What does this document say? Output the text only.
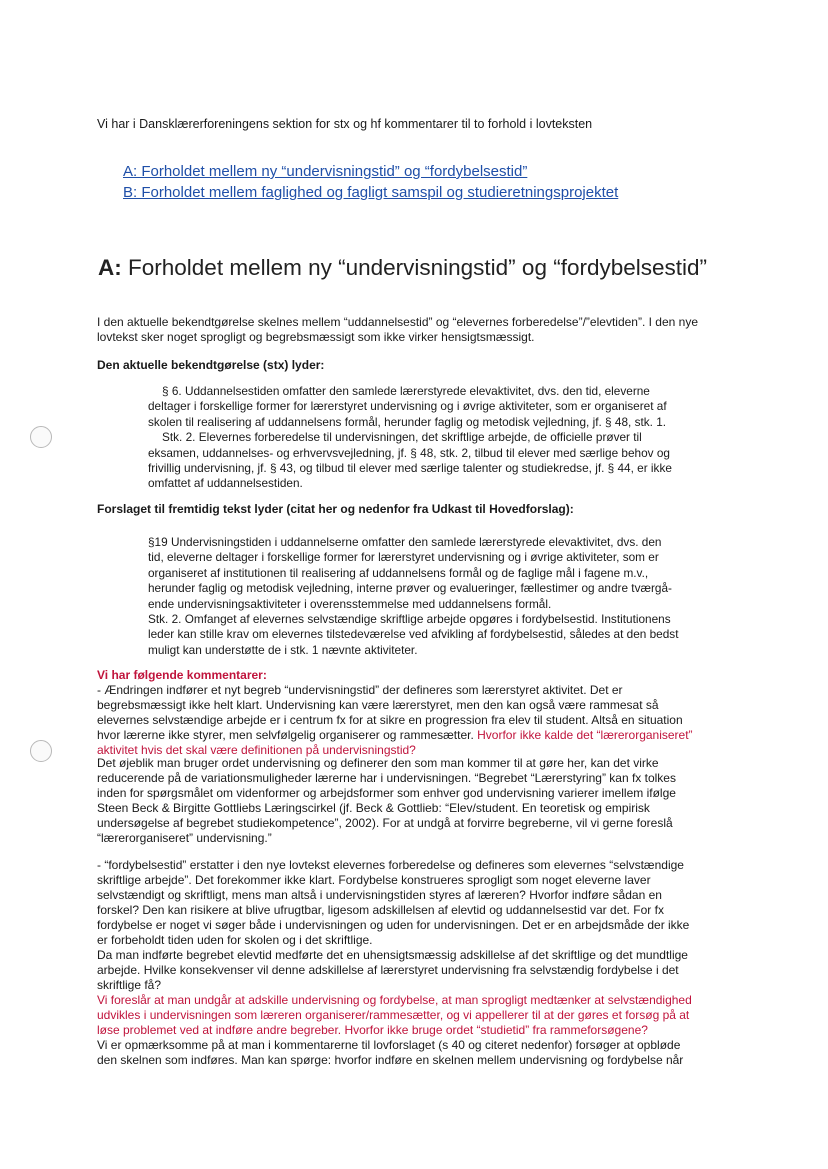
Vi har i Dansklærerforeningens sektion for stx og hf kommentarer til to forhold i lovteksten
A: Forholdet mellem ny “undervisningstid” og “fordybelsestid”
B: Forholdet mellem faglighed og fagligt samspil og studieretningsprojektet
A: Forholdet mellem ny “undervisningstid” og “fordybelsestid”
I den aktuelle bekendtgørelse skelnes mellem “uddannelsestid” og “elevernes forberedelse”/”elevtiden”. I den nye
lovtekst sker noget sprogligt og begrebsmæssigt som ikke virker hensigtsmæssigt.
Den aktuelle bekendtgørelse (stx) lyder:
§ 6. Uddannelsestiden omfatter den samlede lærerstyrede elevaktivitet, dvs. den tid, eleverne
deltager i forskellige former for lærerstyret undervisning og i øvrige aktiviteter, som er organiseret af
skolen til realisering af uddannelsens formål, herunder faglig og metodisk vejledning, jf. § 48, stk. 1.
Stk. 2. Elevernes forberedelse til undervisningen, det skriftlige arbejde, de officielle prøver til
eksamen, uddannelses- og erhvervsvejledning, jf. § 48, stk. 2, tilbud til elever med særlige behov og
frivillig undervisning, jf. § 43, og tilbud til elever med særlige talenter og studiekredse, jf. § 44, er ikke
omfattet af uddannelsestiden.
Forslaget til fremtidig tekst lyder (citat her og nedenfor fra Udkast til Hovedforslag):
§19 Undervisningstiden i uddannelserne omfatter den samlede lærerstyrede elevaktivitet, dvs. den
tid, eleverne deltager i forskellige former for lærerstyret undervisning og i øvrige aktiviteter, som er
organiseret af institutionen til realisering af uddannelsens formål og de faglige mål i fagene m.v.,
herunder faglig og metodisk vejledning, interne prøver og evalueringer, fællestimer og andre tværgå-
ende undervisningsaktiviteter i overensstemmelse med uddannelsens formål.
Stk. 2. Omfanget af elevernes selvstændige skriftlige arbejde opgøres i fordybelsestid. Institutionens
leder kan stille krav om elevernes tilstedeværelse ved afvikling af fordybelsestid, således at den bedst
muligt kan understøtte de i stk. 1 nævnte aktiviteter.
Vi har følgende kommentarer:
- Ændringen indfører et nyt begreb “undervisningstid” der defineres som lærerstyret aktivitet. Det er
begrebsmæssigt ikke helt klart. Undervisning kan være lærerstyret, men den kan også være rammesat så
elevernes selvstændige arbejde er i centrum fx for at sikre en progression fra elev til student. Altså en situation
hvor lærerne ikke styrer, men selvfølgelig organiserer og rammesætter. Hvorfor ikke kalde det “lærerorganiseret”
aktivitet hvis det skal være definitionen på undervisningstid?
Det øjeblik man bruger ordet undervisning og definerer den som man kommer til at gøre her, kan det virke
reducerende på de variationsmuligheder lærerne har i undervisningen. “Begrebet “Lærerstyring” kan fx tolkes
inden for spørgsmålet om videnformer og arbejdsformer som enhver god undervisning varierer imellem ifølge
Steen Beck & Birgitte Gottliebs Læringscirkel (jf. Beck & Gottlieb: “Elev/student. En teoretisk og empirisk
undersøgelse af begrebet studiekompetence”, 2002). For at undgå at forvirre begreberne, vil vi gerne foreslå
“lærerorganiseret” undervisning.”
- “fordybelsestid” erstatter i den nye lovtekst elevernes forberedelse og defineres som elevernes “selvstændige
skriftlige arbejde”. Det forekommer ikke klart. Fordybelse konstrueres sprogligt som noget eleverne laver
selvstændigt og skriftligt, mens man altså i undervisningstiden styres af læreren? Hvorfor indføre sådan en
forskel? Den kan risikere at blive ufrugtbar, ligesom adskillelsen af elevtid og uddannelsestid var det. For fx
fordybelse er noget vi søger både i undervisningen og uden for undervisningen. Det er en arbejdsmåde der ikke
er forbeholdt tiden uden for skolen og i det skriftlige.
Da man indførte begrebet elevtid medførte det en uhensigtsmæssig adskillelse af det skriftlige og det mundtlige
arbejde. Hvilke konsekvenser vil denne adskillelse af lærerstyret undervisning fra selvstændig fordybelse i det
skriftlige få?
Vi foreslår at man undgår at adskille undervisning og fordybelse, at man sprogligt medtænker at selvstændighed
udvikles i undervisningen som læreren organiserer/rammesætter, og vi appellerer til at der gøres et forsøg på at
løse problemet ved at indføre andre begreber. Hvorfor ikke bruge ordet “studietid” fra rammeforsøgene?
Vi er opmærksomme på at man i kommentarerne til lovforslaget (s 40 og citeret nedenfor) forsøger at opbløde
den skelnen som indføres. Man kan spørge: hvorfor indføre en skelnen mellem undervisning og fordybelse når
